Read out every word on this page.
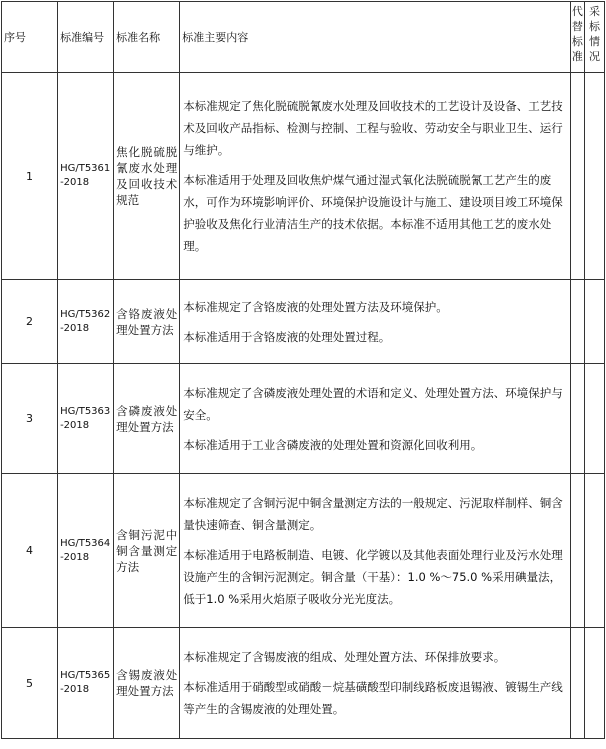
序号	标准编号	标准名称	标准主要内容	代替标准	采标情况
1	HG/T5361-2018	焦化脱硫脱氰废水处理及回收技术规范	本标准规定了焦化脱硫脱氰废水处理及回收技术的工艺设计及设备、工艺技术及回收产品指标、检测与控制、工程与验收、劳动安全与职业卫生、运行与维护。

本标准适用于处理及回收焦炉煤气通过湿式氧化法脱硫脱氰工艺产生的废水，可作为环境影响评价、环境保护设施设计与施工、建设项目竣工环境保护验收及焦化行业清洁生产的技术依据。本标准不适用其他工艺的废水处理。		

2	HG/T5362-2018	含铬废液处理处置方法	本标准规定了含铬废液的处理处置方法及环境保护。

本标准适用于含铬废液的处理处置过程。		

3	HG/T5363-2018	含磷废液处理处置方法	本标准规定了含磷废液处理处置的术语和定义、处理处置方法、环境保护与安全。

本标准适用于工业含磷废液的处理处置和资源化回收利用。		

4	HG/T5364-2018	含铜污泥中铜含量测定方法	本标准规定了含铜污泥中铜含量测定方法的一般规定、污泥取样制样、铜含量快速筛查、铜含量测定。

本标准适用于电路板制造、电镀、化学镀以及其他表面处理行业及污水处理设施产生的含铜污泥测定。铜含量（干基）：1.0 %～75.0 %采用碘量法，低于1.0 %采用火焰原子吸收分光光度法。		

5	HG/T5365-2018	含锡废液处理处置方法	本标准规定了含锡废液的组成、处理处置方法、环保排放要求。

本标准适用于硝酸型或硝酸－烷基磺酸型印制线路板废退锡液、镀锡生产线等产生的含锡废液的处理处置。		
